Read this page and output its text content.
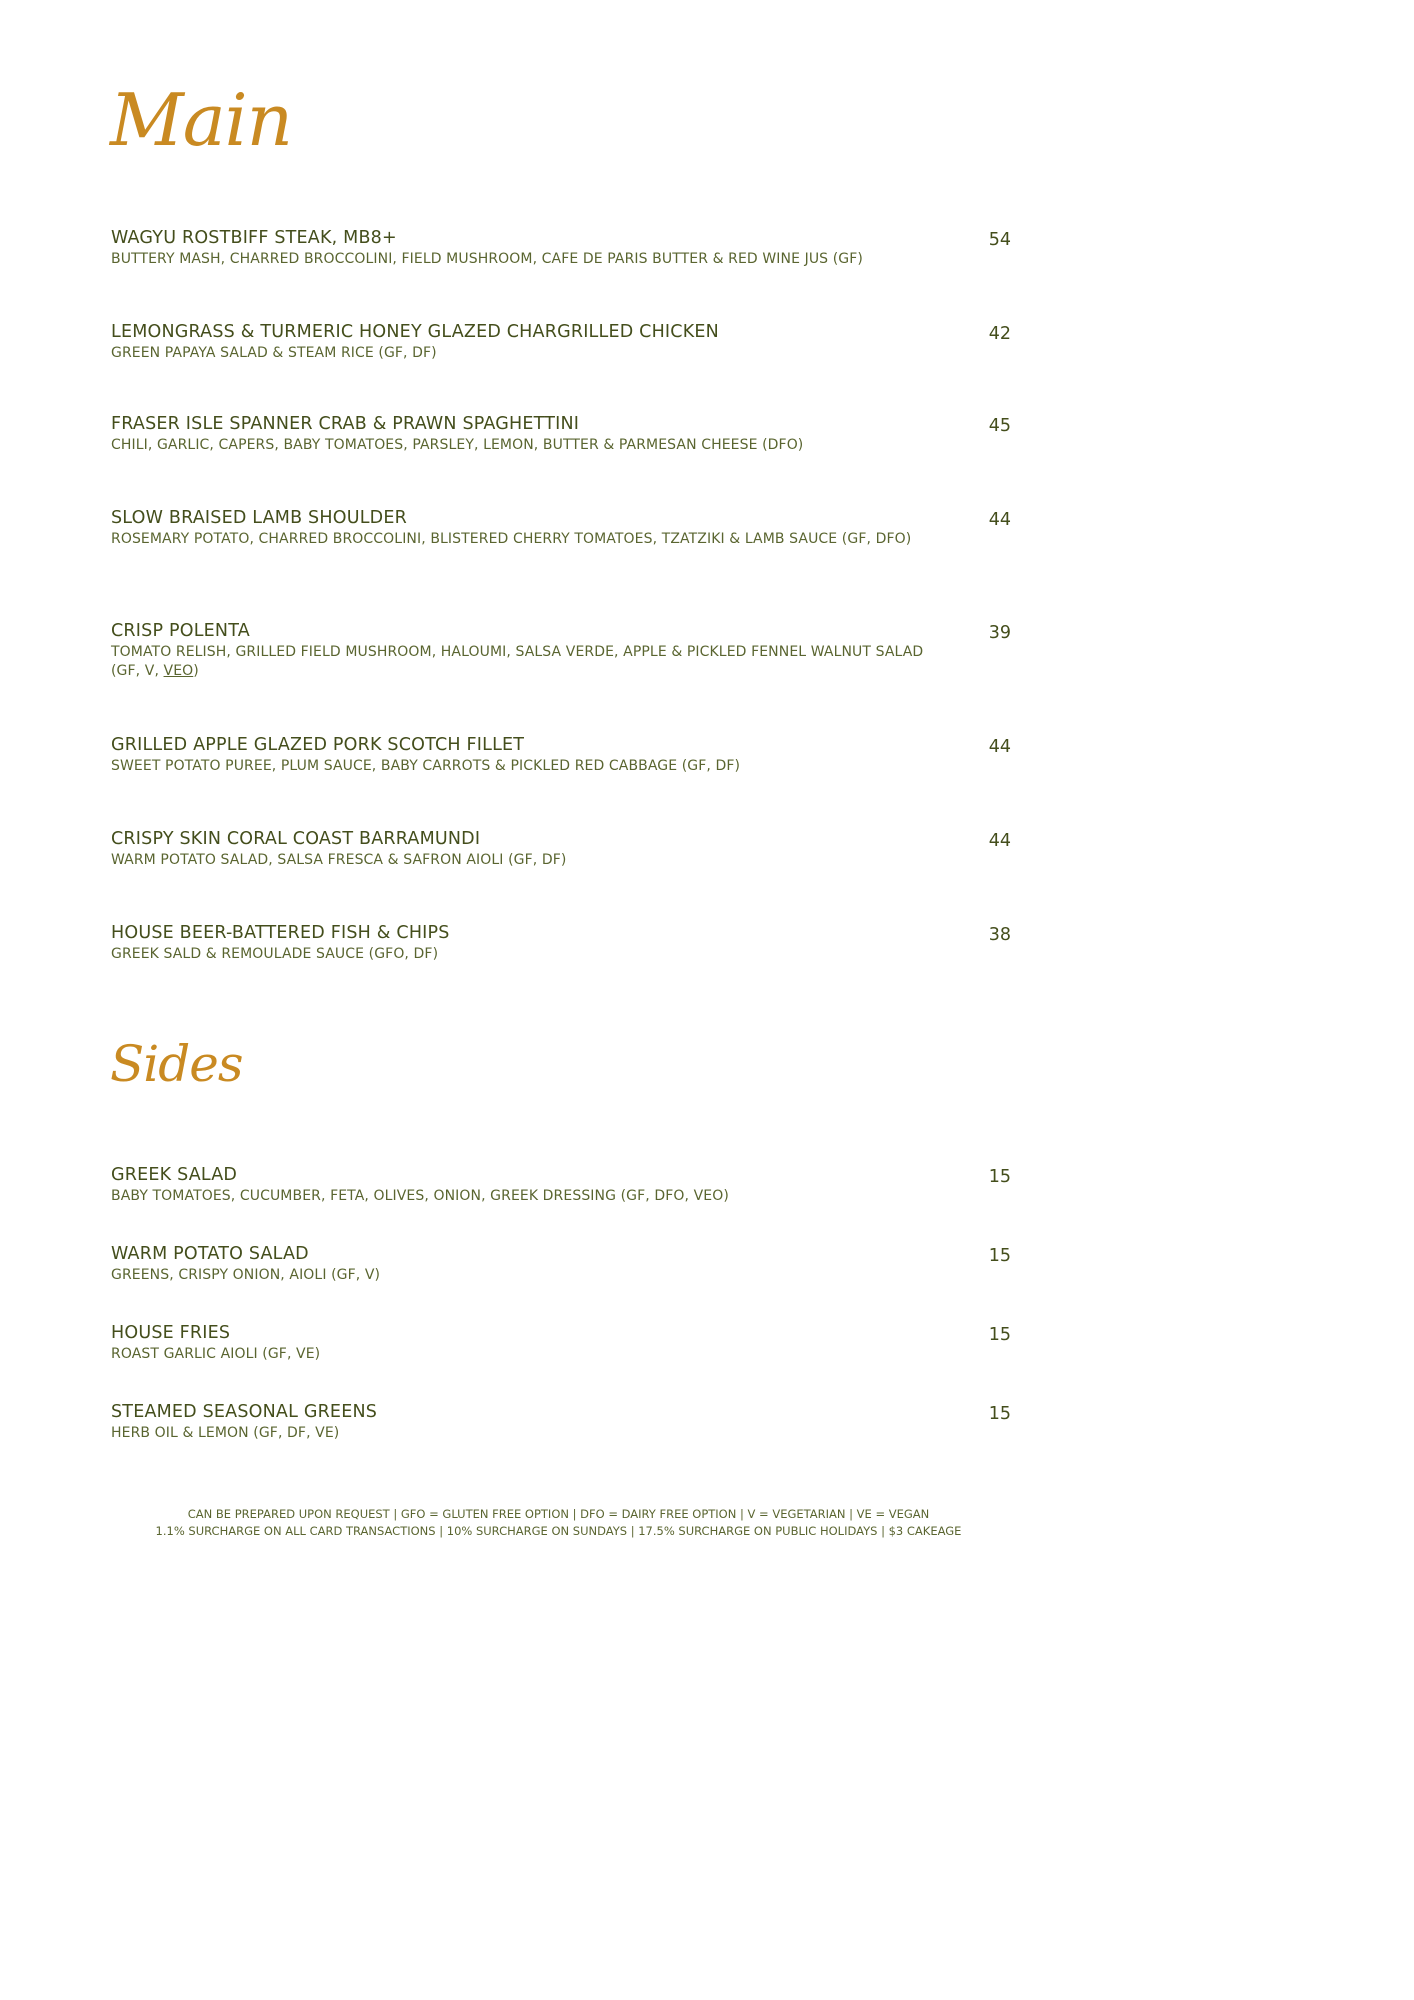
Main
WAGYU ROSTBIFF STEAK, MB8+
BUTTERY MASH, CHARRED BROCCOLINI, FIELD MUSHROOM, CAFE DE PARIS BUTTER & RED WINE JUS (GF)
54
LEMONGRASS & TURMERIC HONEY GLAZED CHARGRILLED CHICKEN
GREEN PAPAYA SALAD & STEAM RICE (GF, DF)
42
FRASER ISLE SPANNER CRAB & PRAWN SPAGHETTINI
CHILI, GARLIC, CAPERS, BABY TOMATOES, PARSLEY, LEMON, BUTTER & PARMESAN CHEESE (DFO)
45
SLOW BRAISED LAMB SHOULDER
ROSEMARY POTATO, CHARRED BROCCOLINI, BLISTERED CHERRY TOMATOES, TZATZIKI & LAMB SAUCE (GF, DFO)
44
CRISP POLENTA
TOMATO RELISH, GRILLED FIELD MUSHROOM, HALOUMI, SALSA VERDE, APPLE & PICKLED FENNEL WALNUT SALAD (GF, V, VEO)
39
GRILLED APPLE GLAZED PORK SCOTCH FILLET
SWEET POTATO PUREE, PLUM SAUCE, BABY CARROTS & PICKLED RED CABBAGE (GF, DF)
44
CRISPY SKIN CORAL COAST BARRAMUNDI
WARM POTATO SALAD, SALSA FRESCA & SAFRON AIOLI (GF, DF)
44
HOUSE BEER-BATTERED FISH & CHIPS
GREEK SALD & REMOULADE SAUCE (GFO, DF)
38
Sides
GREEK SALAD
BABY TOMATOES, CUCUMBER, FETA, OLIVES, ONION, GREEK DRESSING (GF, DFO, VEO)
15
WARM POTATO SALAD
GREENS, CRISPY ONION, AIOLI (GF, V)
15
HOUSE FRIES
ROAST GARLIC AIOLI (GF, VE)
15
STEAMED SEASONAL GREENS
HERB OIL & LEMON (GF, DF, VE)
15
CAN BE PREPARED UPON REQUEST | GFO = GLUTEN FREE OPTION | DFO = DAIRY FREE OPTION | V = VEGETARIAN | VE = VEGAN
1.1% SURCHARGE ON ALL CARD TRANSACTIONS | 10% SURCHARGE ON SUNDAYS | 17.5% SURCHARGE ON PUBLIC HOLIDAYS | $3 CAKEAGE
